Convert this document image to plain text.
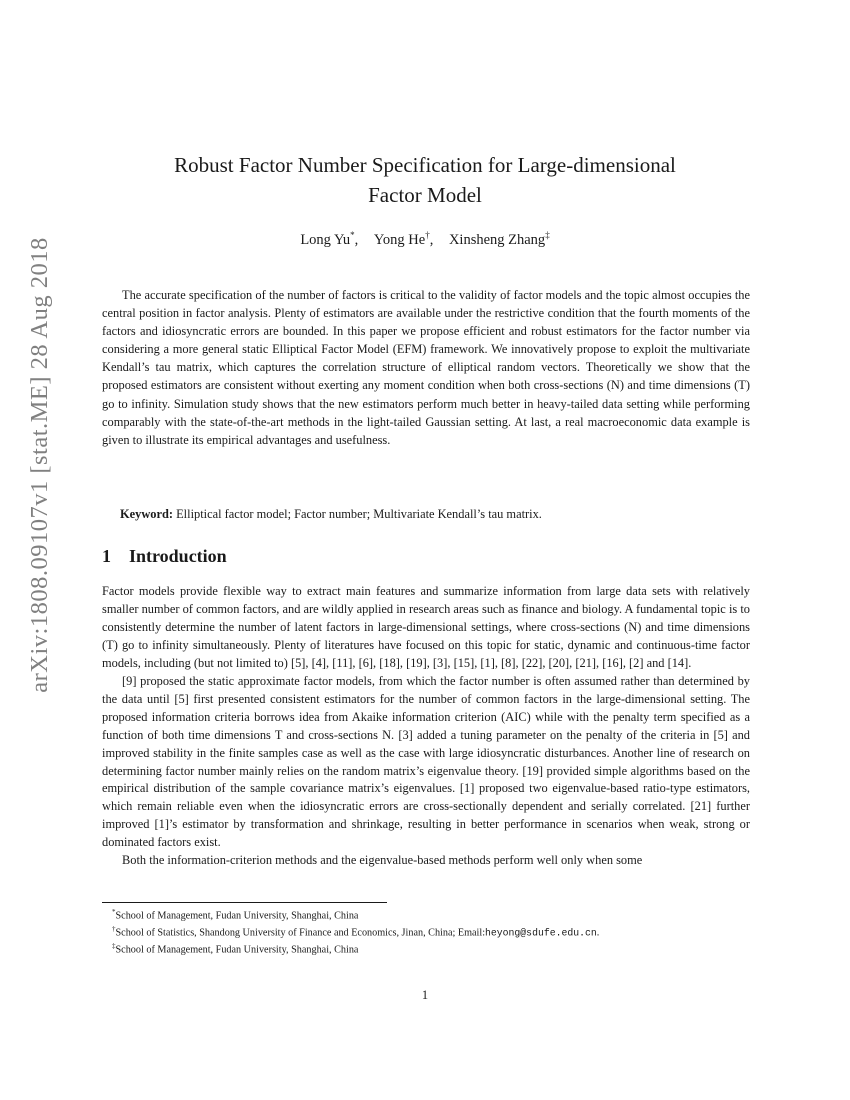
arXiv:1808.09107v1 [stat.ME] 28 Aug 2018
Robust Factor Number Specification for Large-dimensional
Factor Model
Long Yu*, Yong He†, Xinsheng Zhang‡

The accurate specification of the number of factors is critical to the validity of factor models and the topic almost occupies the central position in factor analysis. Plenty of estimators are available under the restrictive condition that the fourth moments of the factors and idiosyncratic errors are bounded. In this paper we propose efficient and robust estimators for the factor number via considering a more general static Elliptical Factor Model (EFM) framework. We innovatively propose to exploit the multivariate Kendall’s tau matrix, which captures the correlation structure of elliptical random vectors. Theoretically we show that the proposed estimators are consistent without exerting any moment condition when both cross-sections (N) and time dimensions (T) go to infinity. Simulation study shows that the new estimators perform much better in heavy-tailed data setting while performing comparably with the state-of-the-art methods in the light-tailed Gaussian setting. At last, a real macroeconomic data example is given to illustrate its empirical advantages and usefulness.

Keyword: Elliptical factor model; Factor number; Multivariate Kendall’s tau matrix.

1 Introduction

Factor models provide flexible way to extract main features and summarize information from large data sets with relatively smaller number of common factors, and are wildly applied in research areas such as finance and biology. A fundamental topic is to consistently determine the number of latent factors in large-dimensional settings, where cross-sections (N) and time dimensions (T) go to infinity simultaneously. Plenty of literatures have focused on this topic for static, dynamic and continuous-time factor models, including (but not limited to) [5], [4], [11], [6], [18], [19], [3], [15], [1], [8], [22], [20], [21], [16], [2] and [14].

[9] proposed the static approximate factor models, from which the factor number is often assumed rather than determined by the data until [5] first presented consistent estimators for the number of common factors in the large-dimensional setting. The proposed information criteria borrows idea from Akaike information criterion (AIC) while with the penalty term specified as a function of both time dimensions T and cross-sections N. [3] added a tuning parameter on the penalty of the criteria in [5] and improved stability in the finite samples case as well as the case with large idiosyncratic disturbances. Another line of research on determining factor number mainly relies on the random matrix’s eigenvalue theory. [19] provided simple algorithms based on the empirical distribution of the sample covariance matrix’s eigenvalues. [1] proposed two eigenvalue-based ratio-type estimators, which remain reliable even when the idiosyncratic errors are cross-sectionally dependent and serially correlated. [21] further improved [1]’s estimator by transformation and shrinkage, resulting in better performance in scenarios when weak, strong or dominated factors exist.

Both the information-criterion methods and the eigenvalue-based methods perform well only when some

*School of Management, Fudan University, Shanghai, China
†School of Statistics, Shandong University of Finance and Economics, Jinan, China; Email:heyong@sdufe.edu.cn.
‡School of Management, Fudan University, Shanghai, China
1
